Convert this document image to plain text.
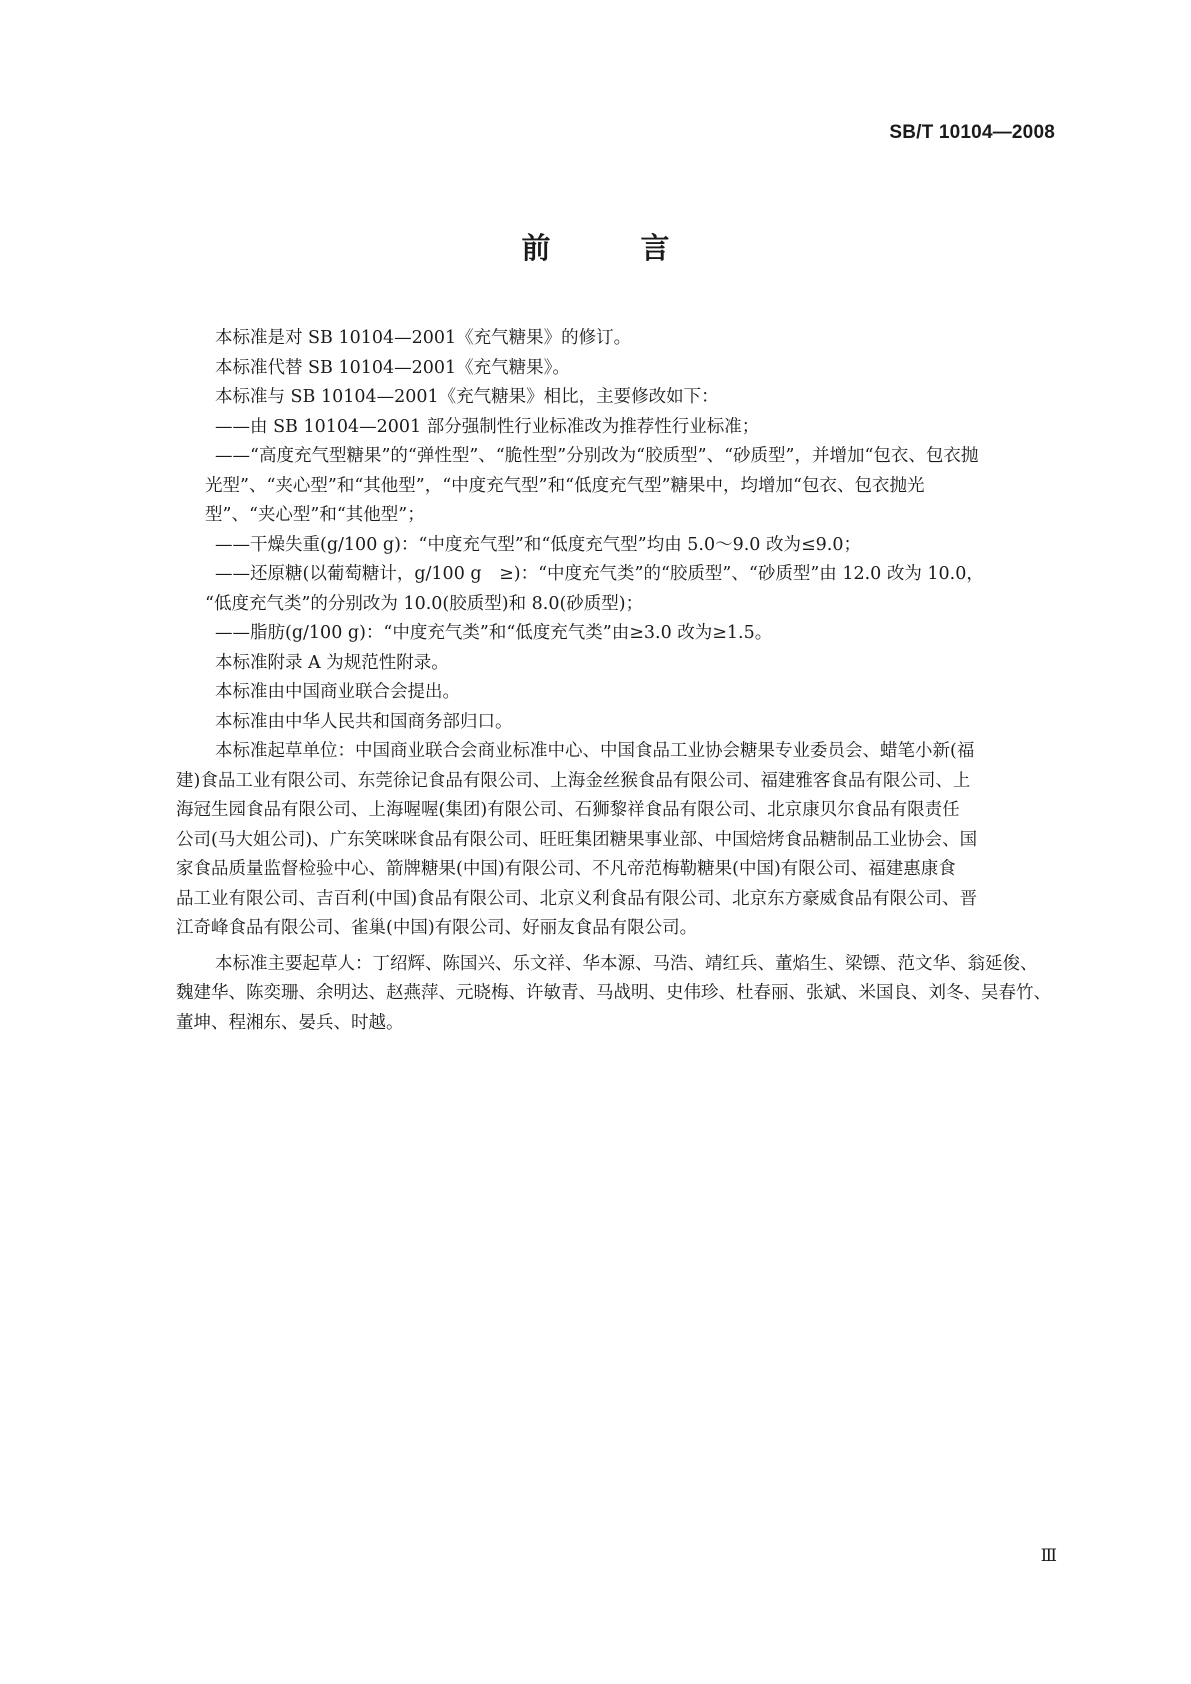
SB/T 10104—2008

前 言

本标准是对 SB 10104—2001《充气糖果》的修订。

本标准代替 SB 10104—2001《充气糖果》。

本标准与 SB 10104—2001《充气糖果》相比，主要修改如下：

——由 SB 10104—2001 部分强制性行业标准改为推荐性行业标准；
——“高度充气型糖果”的“弹性型”、“脆性型”分别改为“胶质型”、“砂质型”，并增加“包衣、包衣抛
光型”、“夹心型”和“其他型”，“中度充气型”和“低度充气型”糖果中，均增加“包衣、包衣抛光
型”、“夹心型”和“其他型”；
——干燥失重(g/100 g)：“中度充气型”和“低度充气型”均由 5.0～9.0 改为≤9.0；
——还原糖(以葡萄糖计，g/100 g　≥)：“中度充气类”的“胶质型”、“砂质型”由 12.0 改为 10.0，
“低度充气类”的分别改为 10.0(胶质型)和 8.0(砂质型)；
——脂肪(g/100 g)：“中度充气类”和“低度充气类”由≥3.0 改为≥1.5。

本标准附录 A 为规范性附录。

本标准由中国商业联合会提出。

本标准由中华人民共和国商务部归口。

本标准起草单位：中国商业联合会商业标准中心、中国食品工业协会糖果专业委员会、蜡笔小新(福
建)食品工业有限公司、东莞徐记食品有限公司、上海金丝猴食品有限公司、福建雅客食品有限公司、上
海冠生园食品有限公司、上海喔喔(集团)有限公司、石狮黎祥食品有限公司、北京康贝尔食品有限责任
公司(马大姐公司)、广东笑咪咪食品有限公司、旺旺集团糖果事业部、中国焙烤食品糖制品工业协会、国
家食品质量监督检验中心、箭牌糖果(中国)有限公司、不凡帝范梅勒糖果(中国)有限公司、福建惠康食
品工业有限公司、吉百利(中国)食品有限公司、北京义利食品有限公司、北京东方豪威食品有限公司、晋
江奇峰食品有限公司、雀巢(中国)有限公司、好丽友食品有限公司。
本标准主要起草人：丁绍辉、陈国兴、乐文祥、华本源、马浩、靖红兵、董焰生、梁镖、范文华、翁延俊、
魏建华、陈奕珊、余明达、赵燕萍、元晓梅、许敏青、马战明、史伟珍、杜春丽、张斌、米国良、刘冬、吴春竹、
董坤、程湘东、晏兵、时越。

Ⅲ
